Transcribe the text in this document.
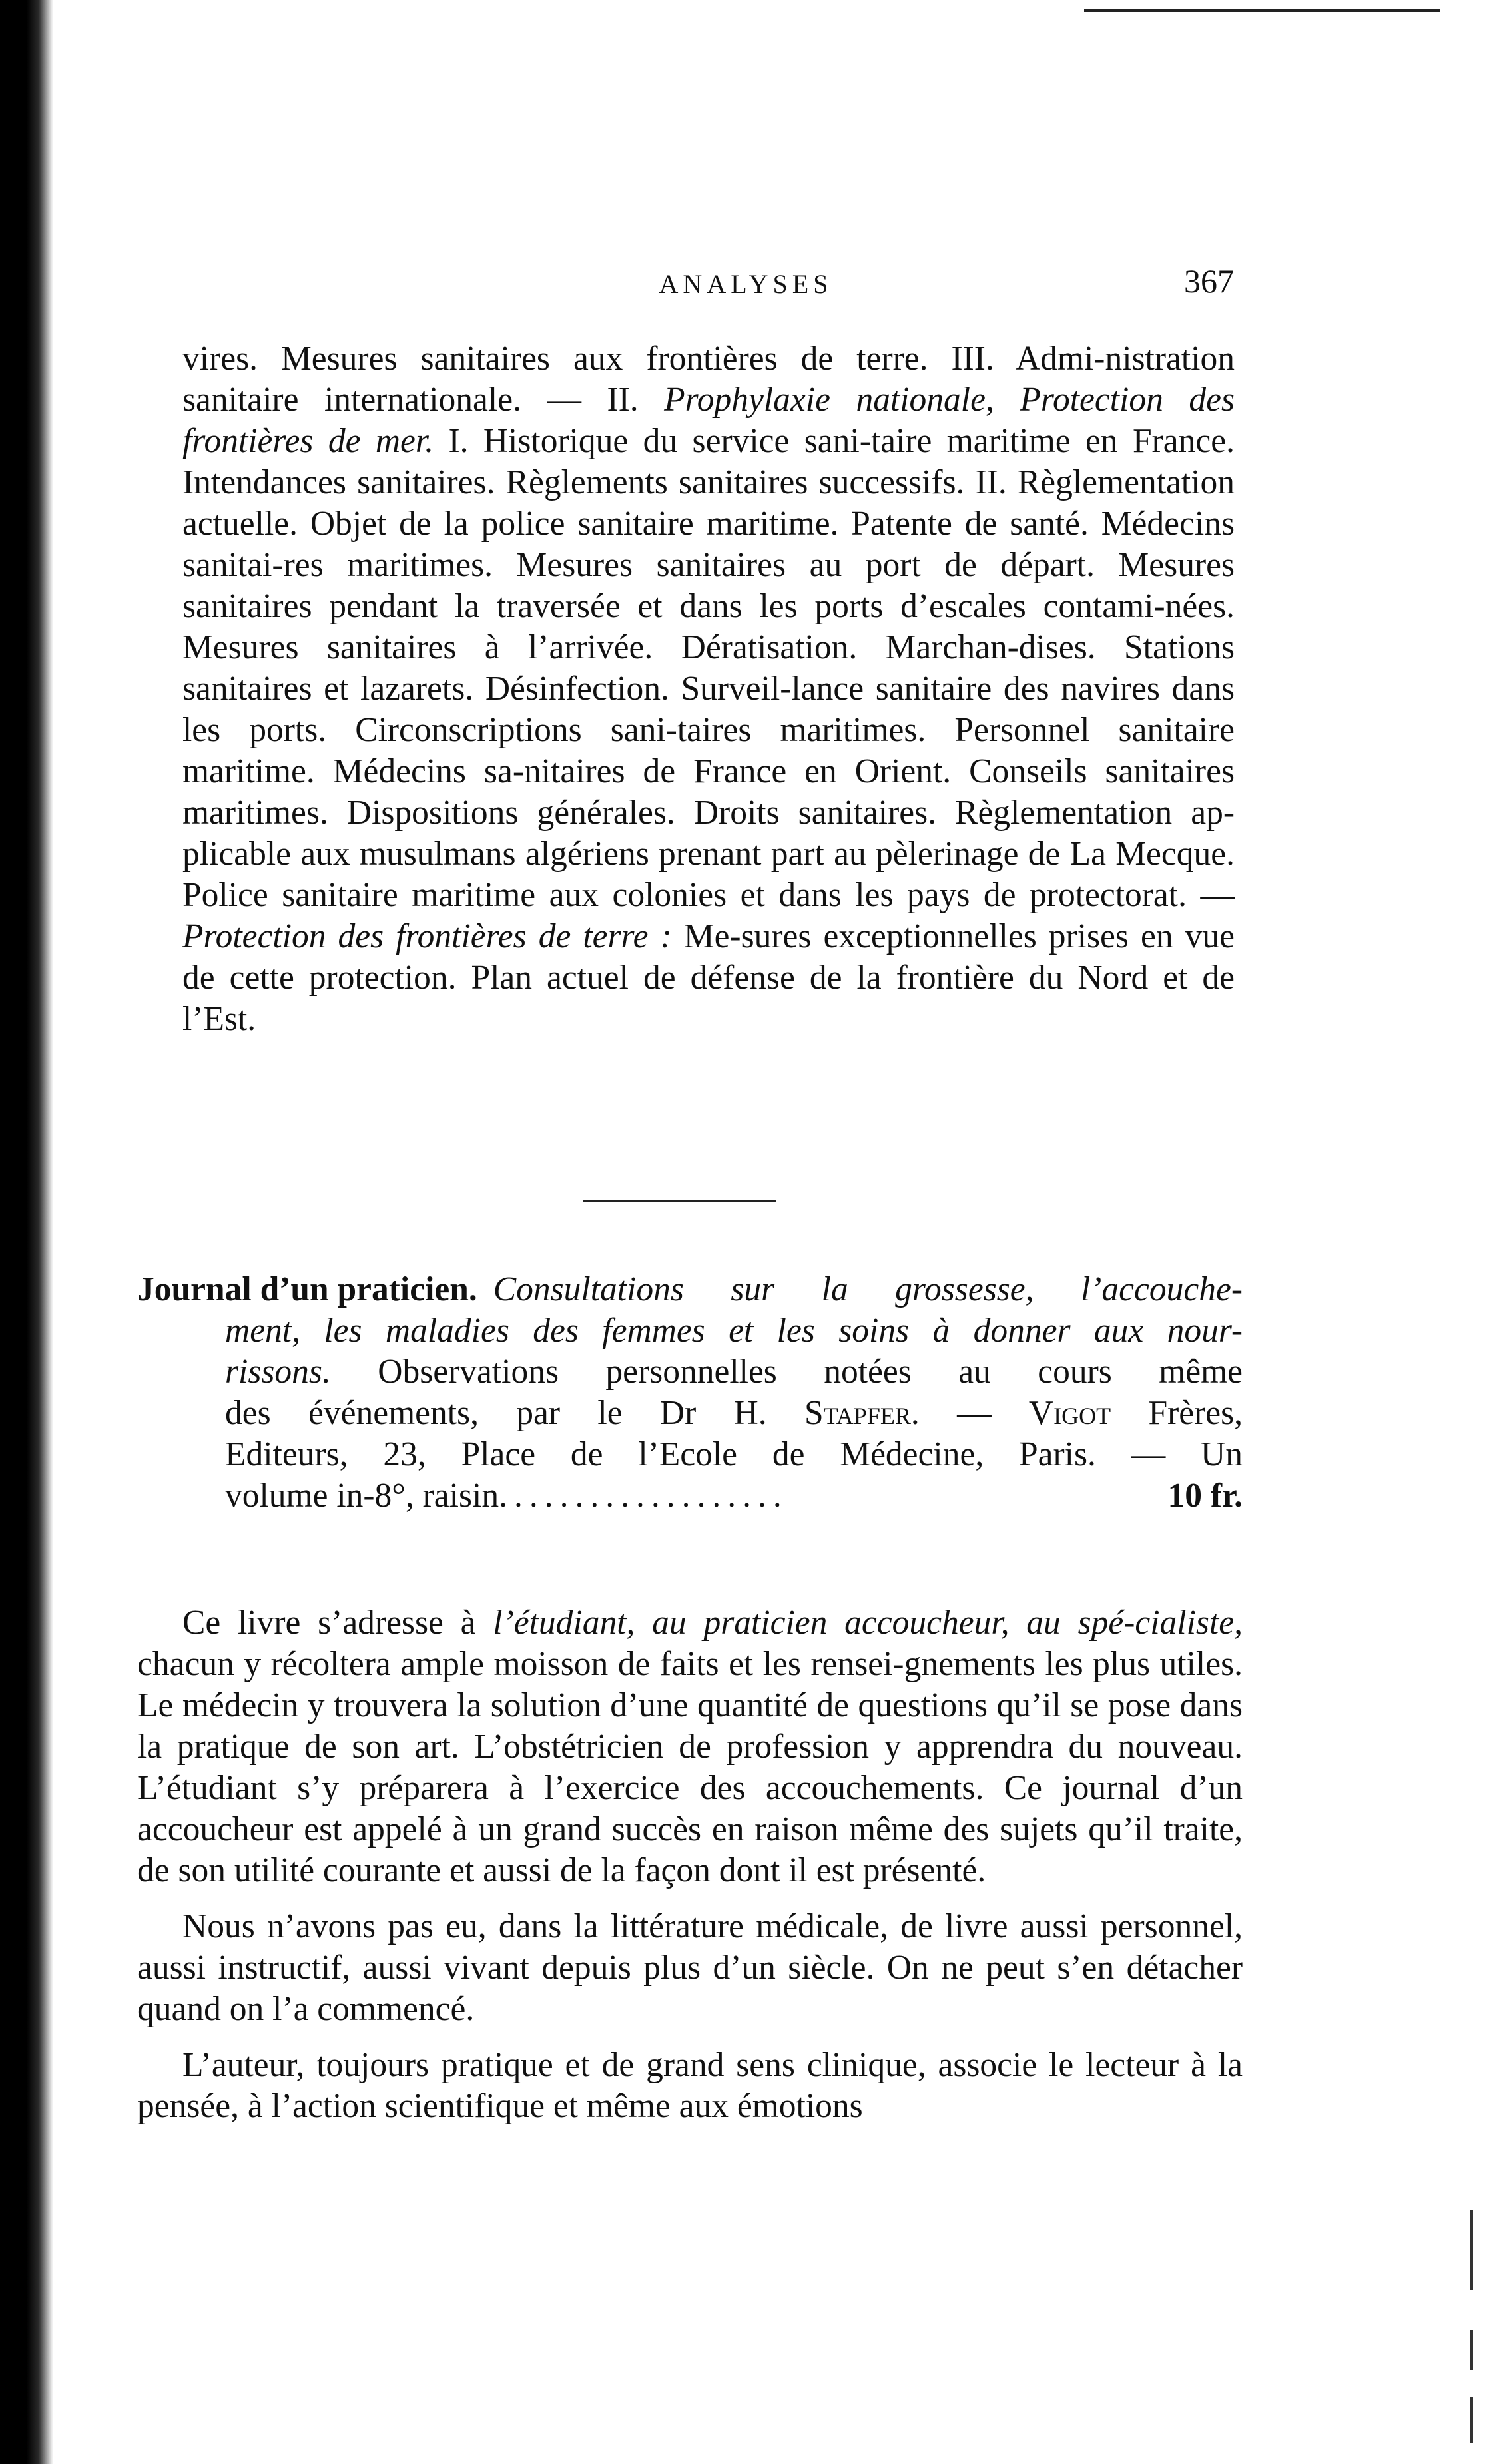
ANALYSES	367

vires. Mesures sanitaires aux frontières de terre. III. Admi-nistration sanitaire internationale. — II. Prophylaxie nationale, Protection des frontières de mer. I. Historique du service sani-taire maritime en France. Intendances sanitaires. Règlements sanitaires successifs. II. Règlementation actuelle. Objet de la police sanitaire maritime. Patente de santé. Médecins sanitai-res maritimes. Mesures sanitaires au port de départ. Mesures sanitaires pendant la traversée et dans les ports d’escales contami-nées. Mesures sanitaires à l’arrivée. Dératisation. Marchan-dises. Stations sanitaires et lazarets. Désinfection. Surveil-lance sanitaire des navires dans les ports. Circonscriptions sani-taires maritimes. Personnel sanitaire maritime. Médecins sa-nitaires de France en Orient. Conseils sanitaires maritimes. Dispositions générales. Droits sanitaires. Règlementation ap-plicable aux musulmans algériens prenant part au pèlerinage de La Mecque. Police sanitaire maritime aux colonies et dans les pays de protectorat. — Protection des frontières de terre : Me-sures exceptionnelles prises en vue de cette protection. Plan actuel de défense de la frontière du Nord et de l’Est.

Journal d’un praticien. Consultations sur la grossesse, l’accouche-
ment, les maladies des femmes et les soins à donner aux nour-
rissons. Observations personnelles notées au cours même
des événements, par le Dr H. Stapfer. — Vigot Frères,
Editeurs, 23, Place de l’Ecole de Médecine, Paris. — Un
volume in-8°, raisin ...................	10 fr.

Ce livre s’adresse à l’étudiant, au praticien accoucheur, au spé-cialiste, chacun y récoltera ample moisson de faits et les rensei-gnements les plus utiles. Le médecin y trouvera la solution d’une quantité de questions qu’il se pose dans la pratique de son art. L’obstétricien de profession y apprendra du nouveau. L’étudiant s’y préparera à l’exercice des accouchements. Ce journal d’un accoucheur est appelé à un grand succès en raison même des sujets qu’il traite, de son utilité courante et aussi de la façon dont il est présenté.

Nous n’avons pas eu, dans la littérature médicale, de livre aussi personnel, aussi instructif, aussi vivant depuis plus d’un siècle. On ne peut s’en détacher quand on l’a commencé.

L’auteur, toujours pratique et de grand sens clinique, associe le lecteur à la pensée, à l’action scientifique et même aux émotions
